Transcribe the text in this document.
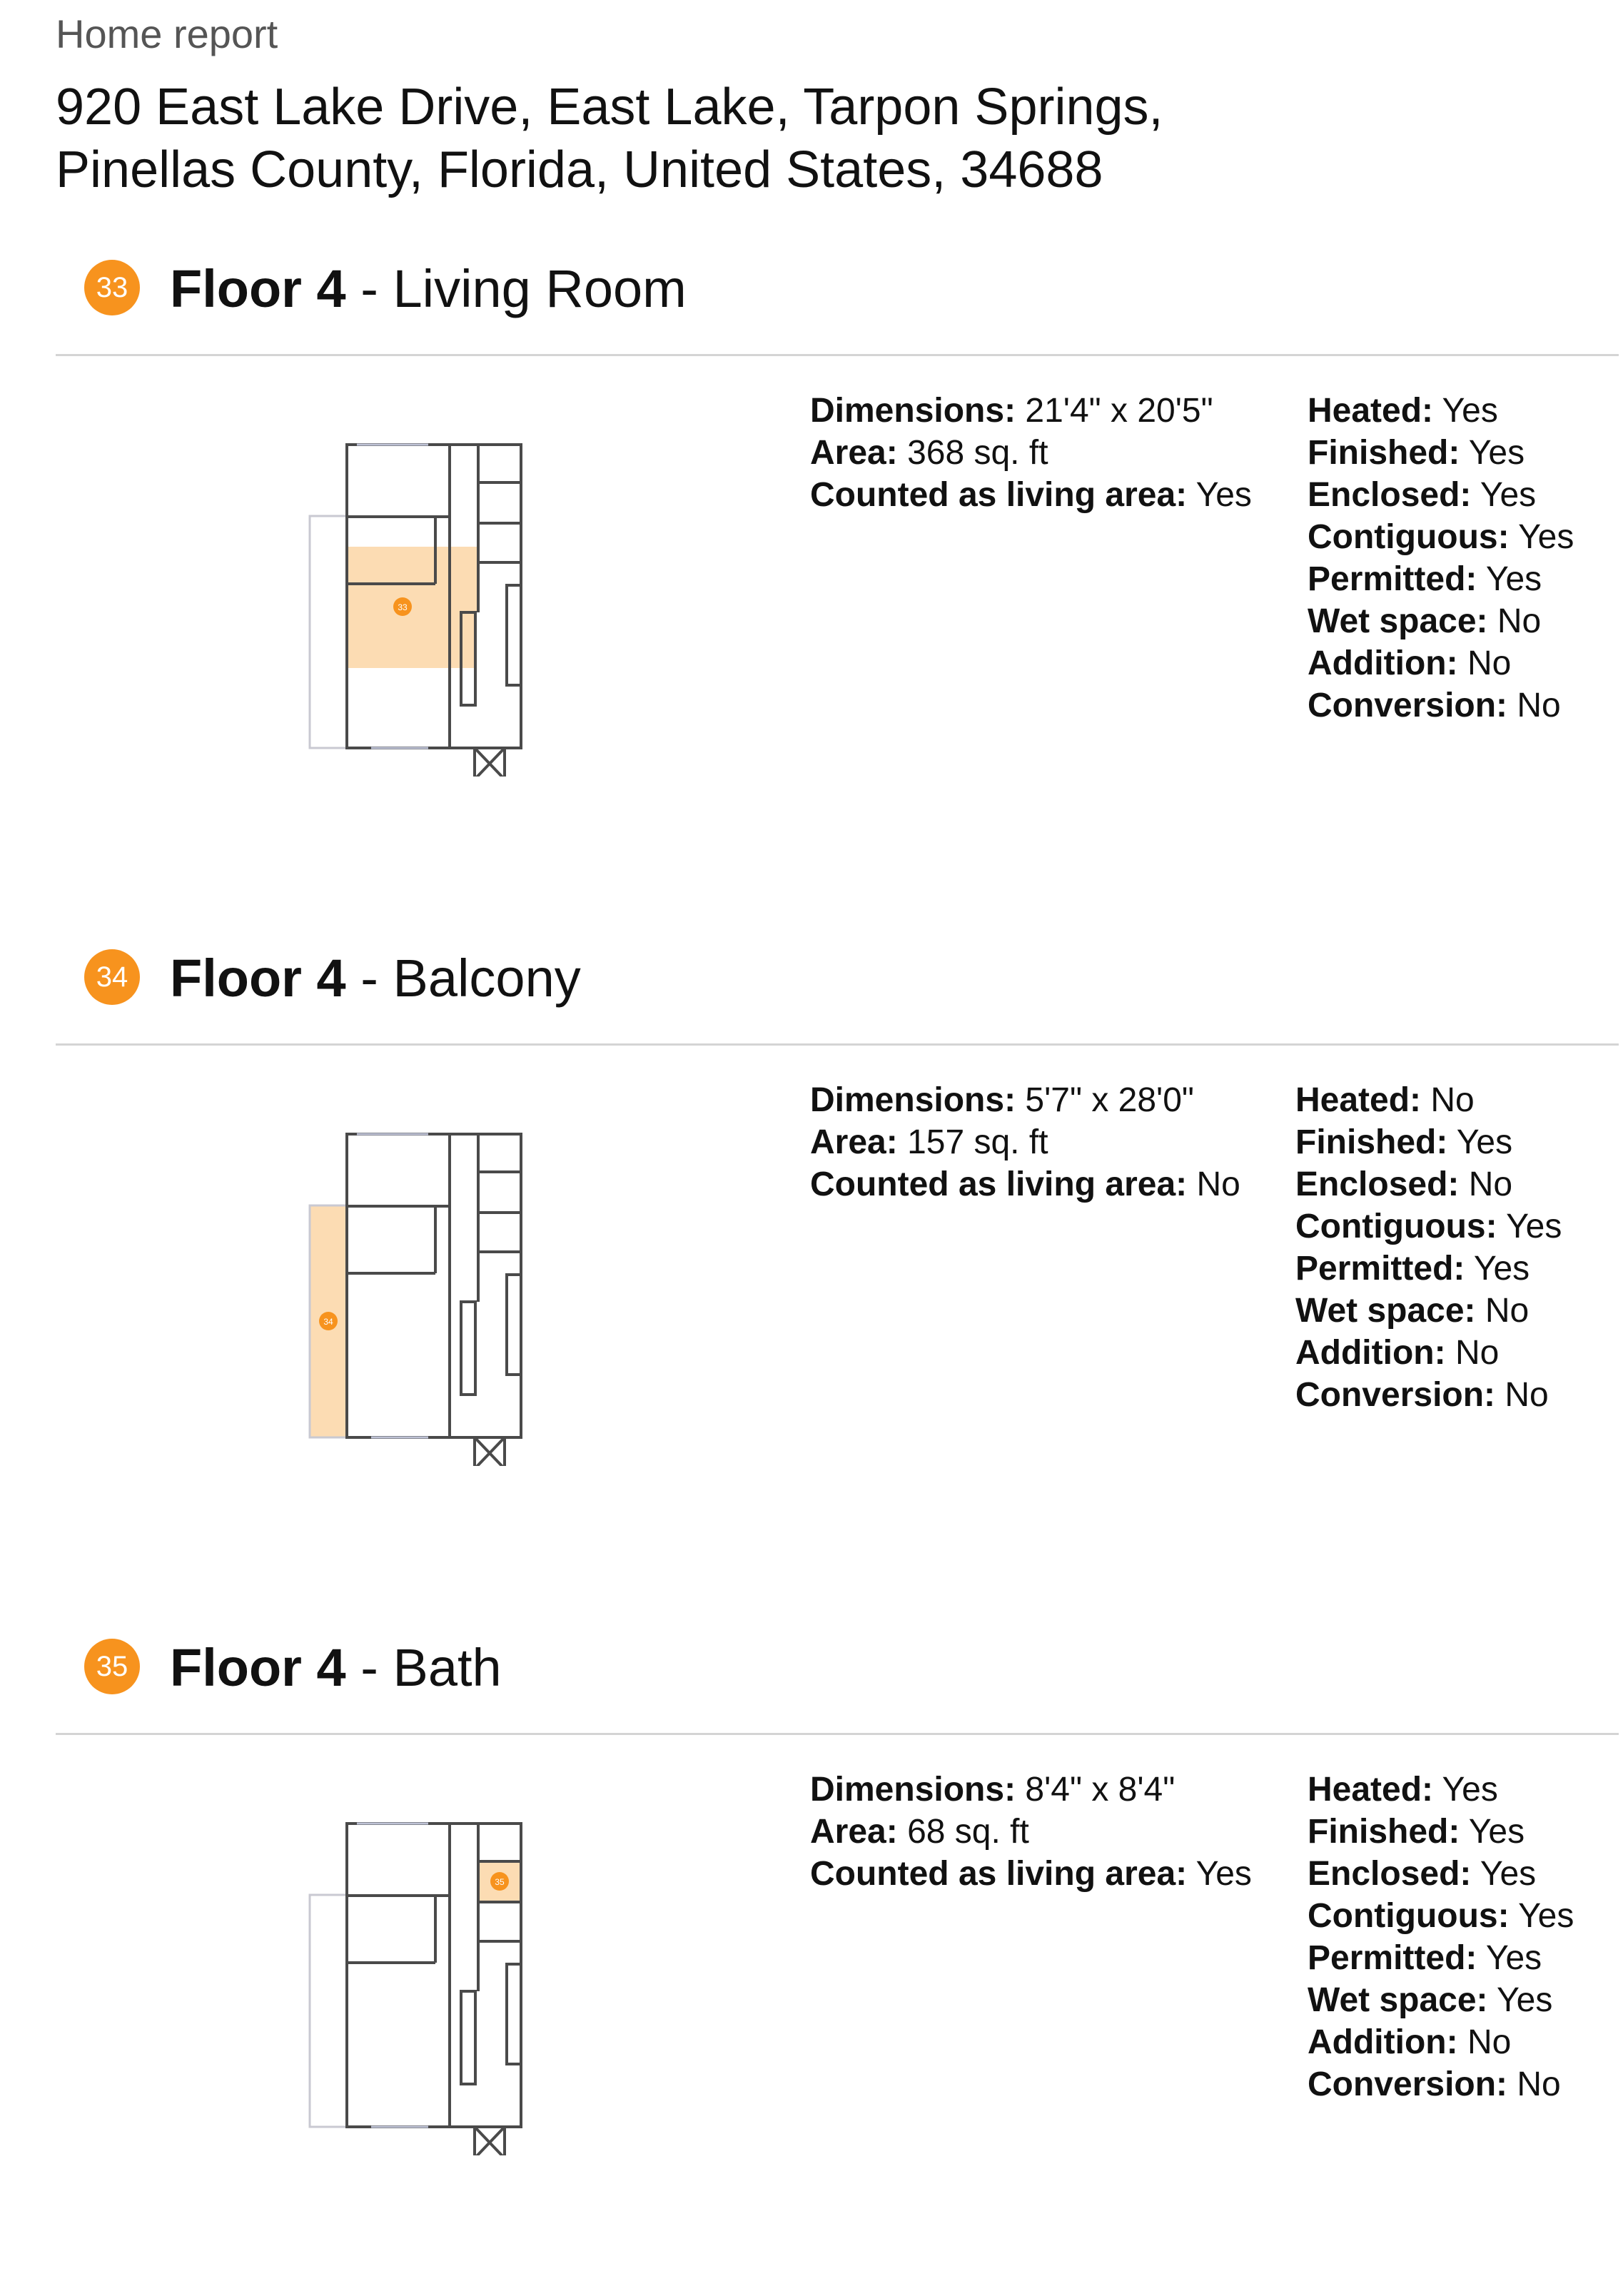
Home report
920 East Lake Drive, East Lake, Tarpon Springs,
Pinellas County, Florida, United States, 34688
33 Floor 4 - Living Room
33
Dimensions: 21'4" x 20'5"
Area: 368 sq. ft
Counted as living area: Yes
Heated: Yes
Finished: Yes
Enclosed: Yes
Contiguous: Yes
Permitted: Yes
Wet space: No
Addition: No
Conversion: No
34 Floor 4 - Balcony
34
Dimensions: 5'7" x 28'0"
Area: 157 sq. ft
Counted as living area: No
Heated: No
Finished: Yes
Enclosed: No
Contiguous: Yes
Permitted: Yes
Wet space: No
Addition: No
Conversion: No
35 Floor 4 - Bath
35
Dimensions: 8'4" x 8'4"
Area: 68 sq. ft
Counted as living area: Yes
Heated: Yes
Finished: Yes
Enclosed: Yes
Contiguous: Yes
Permitted: Yes
Wet space: Yes
Addition: No
Conversion: No
